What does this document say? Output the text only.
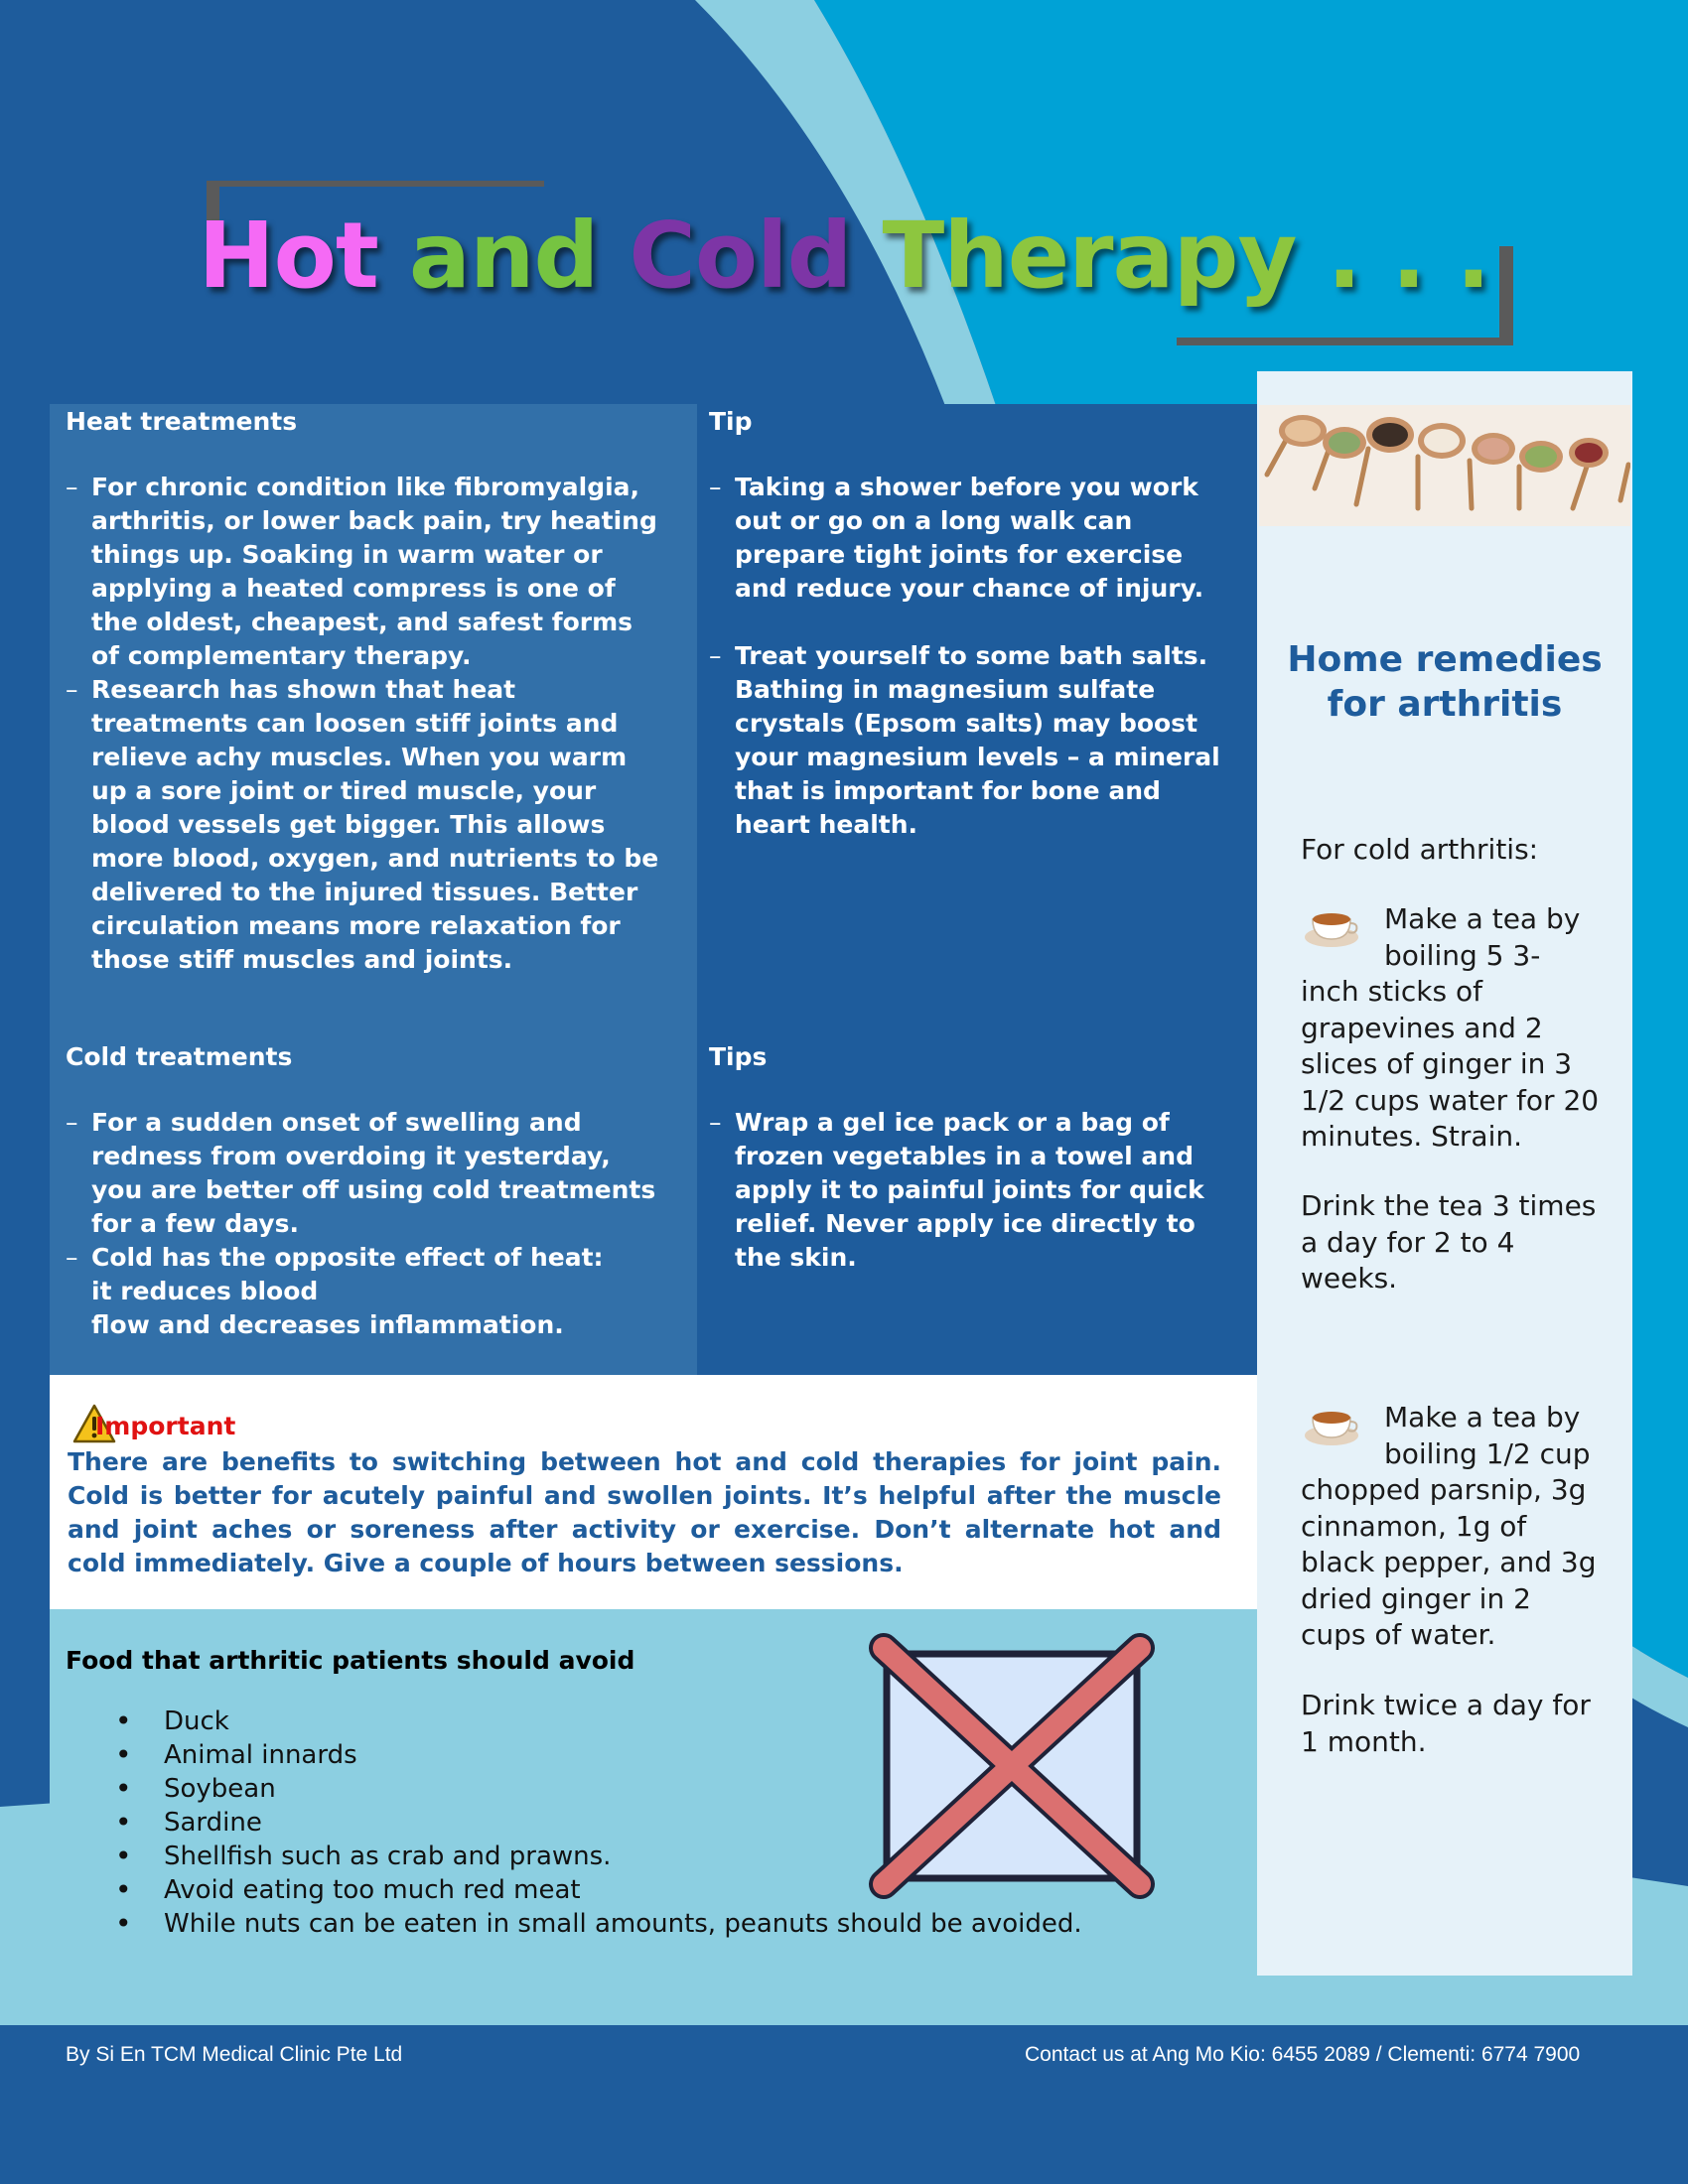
Hot and Cold Therapy . . .
Heat treatments
– For chronic condition like fibromyalgia, arthritis, or lower back pain, try heating things up. Soaking in warm water or applying a heated compress is one of the oldest, cheapest, and safest forms of complementary therapy.
– Research has shown that heat treatments can loosen stiff joints and relieve achy muscles. When you warm up a sore joint or tired muscle, your blood vessels get bigger. This allows more blood, oxygen, and nutrients to be delivered to the injured tissues. Better circulation means more relaxation for those stiff muscles and joints.
Tip
– Taking a shower before you work out or go on a long walk can prepare tight joints for exercise and reduce your chance of injury.
– Treat yourself to some bath salts. Bathing in magnesium sulfate crystals (Epsom salts) may boost your magnesium levels – a mineral that is important for bone and heart health.
Cold treatments
– For a sudden onset of swelling and redness from overdoing it yesterday, you are better off using cold treatments for a few days.
– Cold has the opposite effect of heat:
it reduces blood
flow and decreases inflammation.
Tips
– Wrap a gel ice pack or a bag of frozen vegetables in a towel and apply it to painful joints for quick relief. Never apply ice directly to the skin.
Important
There are benefits to switching between hot and cold therapies for joint pain. Cold is better for acutely painful and swollen joints. It’s helpful after the muscle and joint aches or soreness after activity or exercise. Don’t alternate hot and cold immediately. Give a couple of hours between sessions.
Food that arthritic patients should avoid
• Duck
• Animal innards
• Soybean
• Sardine
• Shellfish such as crab and prawns.
• Avoid eating too much red meat
• While nuts can be eaten in small amounts, peanuts should be avoided.
Home remedies for arthritis
For cold arthritis:
Make a tea by boiling 5 3-
inch sticks of grapevines and 2 slices of ginger in 3 1/2 cups water for 20 minutes. Strain.
Drink the tea 3 times a day for 2 to 4 weeks.
Make a tea by boiling 1/2 cup
chopped parsnip, 3g cinnamon, 1g of black pepper, and 3g dried ginger in 2 cups of water.
Drink twice a day for 1 month.
By Si En TCM Medical Clinic Pte Ltd	Contact us at Ang Mo Kio: 6455 2089 / Clementi: 6774 7900
